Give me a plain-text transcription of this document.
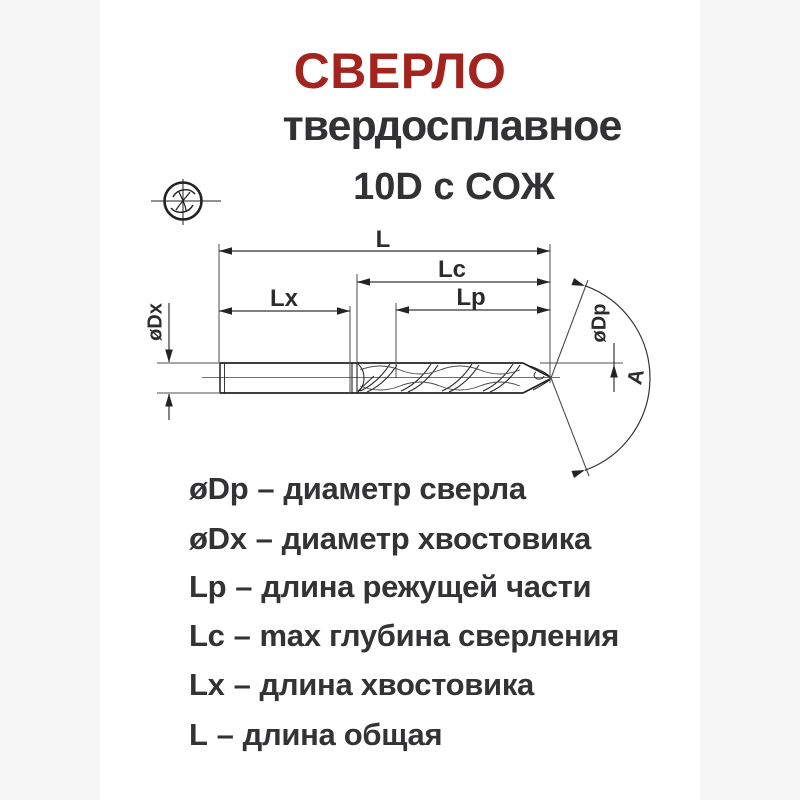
СВЕРЛО
твердосплавное
10D с СОЖ
L
Lc
Lx	Lp
øDx	øDp
A
øDp – диаметр сверла
øDx – диаметр хвостовика
Lp – длина режущей части
Lc – max глубина сверления
Lx – длина хвостовика
L – длина общая
